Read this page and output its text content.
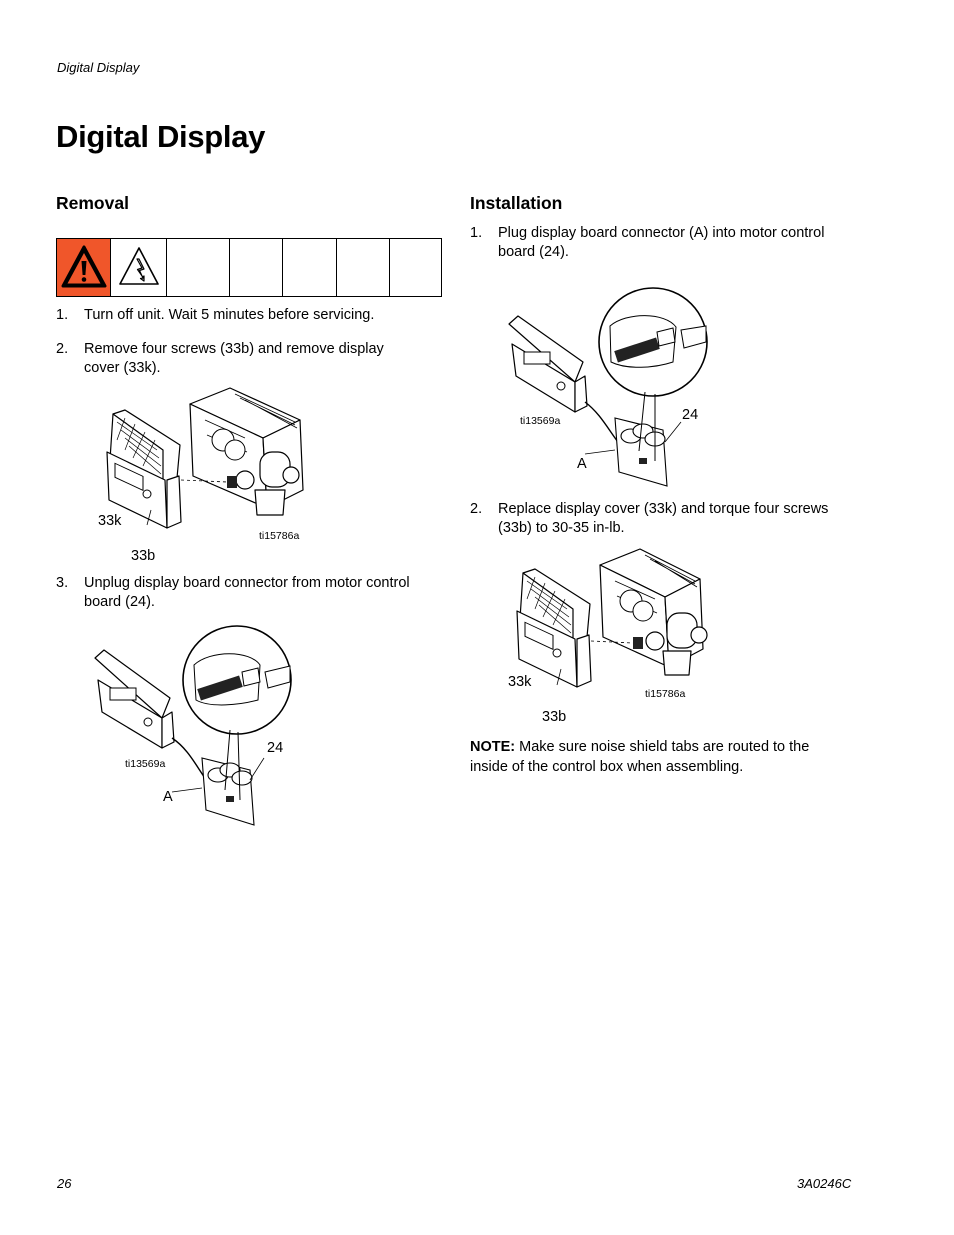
Digital Display
Digital Display
Removal
1. Turn off unit. Wait 5 minutes before servicing.
2. Remove four screws (33b) and remove display
cover (33k).
33k
33b
ti15786a
3. Unplug display board connector from motor control
board (24).
24
A
ti13569a
Installation
1. Plug display board connector (A) into motor control
board (24).
24
A
ti13569a
2. Replace display cover (33k) and torque four screws
(33b) to 30-35 in-lb.
33k
33b
ti15786a
NOTE: Make sure noise shield tabs are routed to the
inside of the control box when assembling.
26	3A0246C
